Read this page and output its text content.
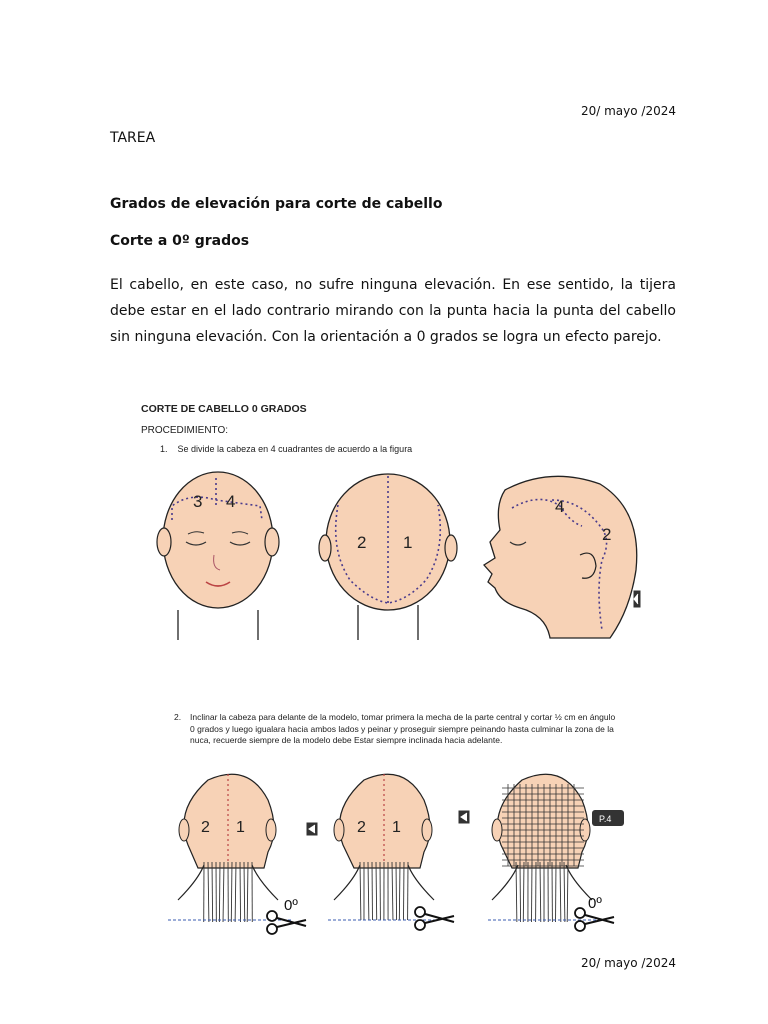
20/ mayo /2024
TAREA
Grados de elevación para corte de cabello
Corte a 0º grados

El cabello, en este caso, no sufre ninguna elevación. En ese sentido, la tijera debe estar en el lado contrario mirando con la punta hacia la punta del cabello sin ninguna elevación. Con la orientación a 0 grados se logra un efecto parejo.

CORTE DE CABELLO 0 GRADOS
PROCEDIMIENTO:
1. Se divide la cabeza en 4 cuadrantes de acuerdo a la figura
3 4
2 1
4
2
2. Inclinar la cabeza para delante de la modelo, tomar primera la mecha de la parte central y cortar ½ cm en ángulo 0 grados y luego igualara hacia ambos lados y peinar y proseguir siempre peinando hasta culminar la zona de la nuca, recuerde siempre de la modelo debe Estar siempre inclinada hacia adelante.
2 1
0º
2 1
0º
P.4
20/ mayo /2024
